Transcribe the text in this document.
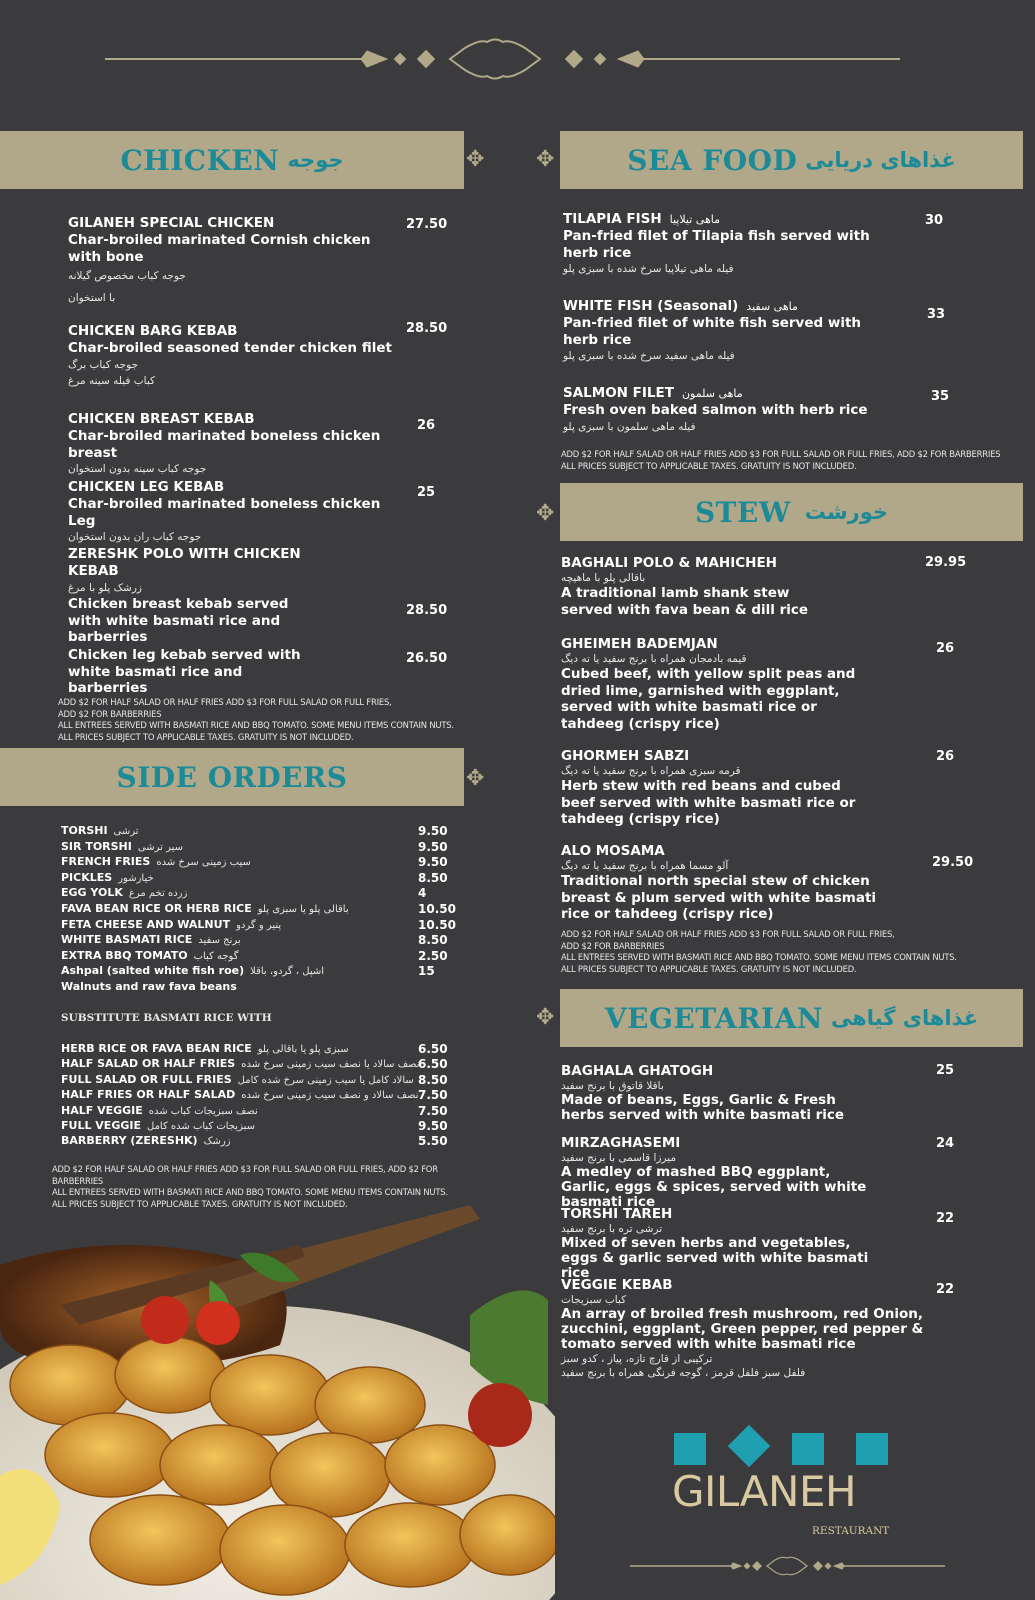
CHICKEN جوجه	✥
GILANEH SPECIAL CHICKEN
Char-broiled marinated Cornish chicken with bone
جوجه کباب مخصوص گیلانه
با استخوان
27.50
CHICKEN BARG KEBAB
Char-broiled seasoned tender chicken filet
جوجه کباب برگ
کباب فیله سینه مرغ
28.50
CHICKEN BREAST KEBAB
Char-broiled marinated boneless chicken breast
جوجه کباب سینه بدون استخوان
26
CHICKEN LEG KEBAB
Char-broiled marinated boneless chicken Leg
جوجه کباب ران بدون استخوان
25
ZERESHK POLO WITH CHICKEN KEBAB
زرشک پلو با مرغ
Chicken breast kebab served with white basmati rice and barberries
28.50
Chicken leg kebab served with white basmati rice and barberries
26.50
ADD $2 FOR HALF SALAD OR HALF FRIES ADD $3 FOR FULL SALAD OR FULL FRIES,
ADD $2 FOR BARBERRIES
ALL ENTREES SERVED WITH BASMATI RICE AND BBQ TOMATO. SOME MENU ITEMS CONTAIN NUTS.
ALL PRICES SUBJECT TO APPLICABLE TAXES. GRATUITY IS NOT INCLUDED.
SIDE ORDERS	✥
TORSHI ترشی	9.50
SIR TORSHI سیر ترشی	9.50
FRENCH FRIES سیب زمینی سرخ شده	9.50
PICKLES خیارشور	8.50
EGG YOLK زرده تخم مرغ	4
FAVA BEAN RICE OR HERB RICE باقالی پلو یا سبزی پلو	10.50
FETA CHEESE AND WALNUT پنیر و گردو	10.50
WHITE BASMATI RICE برنج سفید	8.50
EXTRA BBQ TOMATO گوجه کباب	2.50
Ashpal (salted white fish roe) اشپل ، گردو، باقلا	15
Walnuts and raw fava beans
SUBSTITUTE BASMATI RICE WITH
HERB RICE OR FAVA BEAN RICE سبزی پلو یا باقالی پلو	6.50
HALF SALAD OR HALF FRIES نصف سالاد یا نصف سیب زمینی سرخ شده
6.50
FULL SALAD OR FULL FRIES سالاد کامل یا سیب زمینی سرخ شده کامل 8.50
HALF FRIES OR HALF SALAD نصف سالاد و نصف سیب زمینی سرخ شده 7.50
HALF VEGGIE نصف سبزیجات کباب شده	7.50
FULL VEGGIE سبزیجات کباب شده کامل	9.50
BARBERRY (ZERESHK) زرشک	5.50
ADD $2 FOR HALF SALAD OR HALF FRIES ADD $3 FOR FULL SALAD OR FULL FRIES, ADD $2 FOR BARBERRIES
ALL ENTREES SERVED WITH BASMATI RICE AND BBQ TOMATO. SOME MENU ITEMS CONTAIN NUTS.
ALL PRICES SUBJECT TO APPLICABLE TAXES. GRATUITY IS NOT INCLUDED.
✥	SEA FOOD غذاهای دریایی
TILAPIA FISH ماهی تیلاپیا
Pan-fried filet of Tilapia fish served with herb rice
فیله ماهی تیلاپیا سرخ شده با سبزی پلو
30
WHITE FISH (Seasonal) ماهی سفید
Pan-fried filet of white fish served with herb rice
فیله ماهی سفید سرخ شده با سبزی پلو
33
SALMON FILET ماهی سلمون
Fresh oven baked salmon with herb rice
فیله ماهی سلمون با سبزی پلو
35
ADD $2 FOR HALF SALAD OR HALF FRIES ADD $3 FOR FULL SALAD OR FULL FRIES, ADD $2 FOR BARBERRIES
ALL PRICES SUBJECT TO APPLICABLE TAXES. GRATUITY IS NOT INCLUDED.
✥	STEW خورشت
BAGHALI POLO & MAHICHEH
باقالی پلو با ماهیچه
A traditional lamb shank stew served with fava bean & dill rice
29.95
GHEIMEH BADEMJAN
قیمه بادمجان همراه با برنج سفید یا ته دیگ
Cubed beef, with yellow split peas and dried lime, garnished with eggplant, served with white basmati rice or tahdeeg (crispy rice)
26
GHORMEH SABZI
قرمه سبزی همراه با برنج سفید یا ته دیگ
Herb stew with red beans and cubed beef served with white basmati rice or tahdeeg (crispy rice)
26
ALO MOSAMA
آلو مسما همراه با برنج سفید یا ته دیگ
Traditional north special stew of chicken breast & plum served with white basmati rice or tahdeeg (crispy rice)
29.50
ADD $2 FOR HALF SALAD OR HALF FRIES ADD $3 FOR FULL SALAD OR FULL FRIES,
ADD $2 FOR BARBERRIES
ALL ENTREES SERVED WITH BASMATI RICE AND BBQ TOMATO. SOME MENU ITEMS CONTAIN NUTS.
ALL PRICES SUBJECT TO APPLICABLE TAXES. GRATUITY IS NOT INCLUDED.
✥ VEGETARIAN غذاهای گیاهی
BAGHALA GHATOGH
باقلا قاتوق با برنج سفید
Made of beans, Eggs, Garlic & Fresh herbs served with white basmati rice
25
MIRZAGHASEMI
میرزا قاسمی با برنج سفید
A medley of mashed BBQ eggplant, Garlic, eggs & spices, served with white basmati rice
24
TORSHI TAREH
ترشی تره با برنج سفید
Mixed of seven herbs and vegetables, eggs & garlic served with white basmati rice
22
VEGGIE KEBAB
کباب سبزیجات
An array of broiled fresh mushroom, red Onion, zucchini, eggplant, Green pepper, red pepper & tomato served with white basmati rice
ترکیبی از قارچ تازه، پیاز ، کدو سبز
فلفل سبز فلفل قرمز ، گوجه فرنگی همراه با برنج سفید
22
GILANEH
RESTAURANT
